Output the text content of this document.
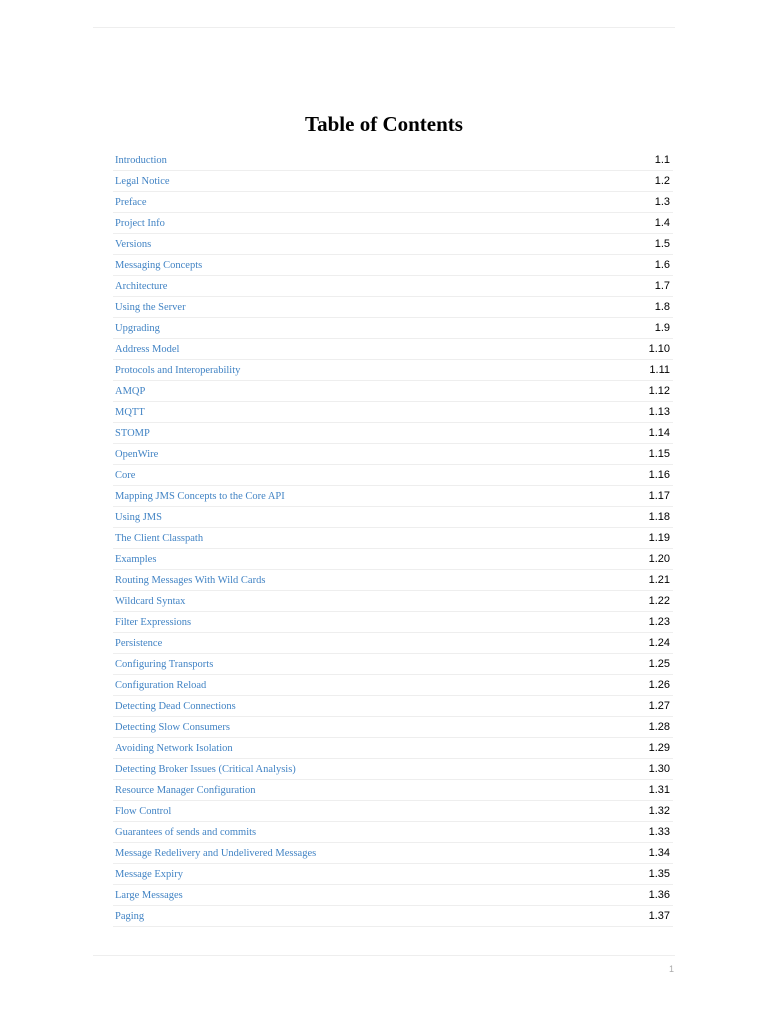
Table of Contents
Introduction	1.1
Legal Notice	1.2
Preface	1.3
Project Info	1.4
Versions	1.5
Messaging Concepts	1.6
Architecture	1.7
Using the Server	1.8
Upgrading	1.9
Address Model	1.10
Protocols and Interoperability	1.11
AMQP	1.12
MQTT	1.13
STOMP	1.14
OpenWire	1.15
Core	1.16
Mapping JMS Concepts to the Core API	1.17
Using JMS	1.18
The Client Classpath	1.19
Examples	1.20
Routing Messages With Wild Cards	1.21
Wildcard Syntax	1.22
Filter Expressions	1.23
Persistence	1.24
Configuring Transports	1.25
Configuration Reload	1.26
Detecting Dead Connections	1.27
Detecting Slow Consumers	1.28
Avoiding Network Isolation	1.29
Detecting Broker Issues (Critical Analysis)	1.30
Resource Manager Configuration	1.31
Flow Control	1.32
Guarantees of sends and commits	1.33
Message Redelivery and Undelivered Messages	1.34
Message Expiry	1.35
Large Messages	1.36
Paging	1.37
1
